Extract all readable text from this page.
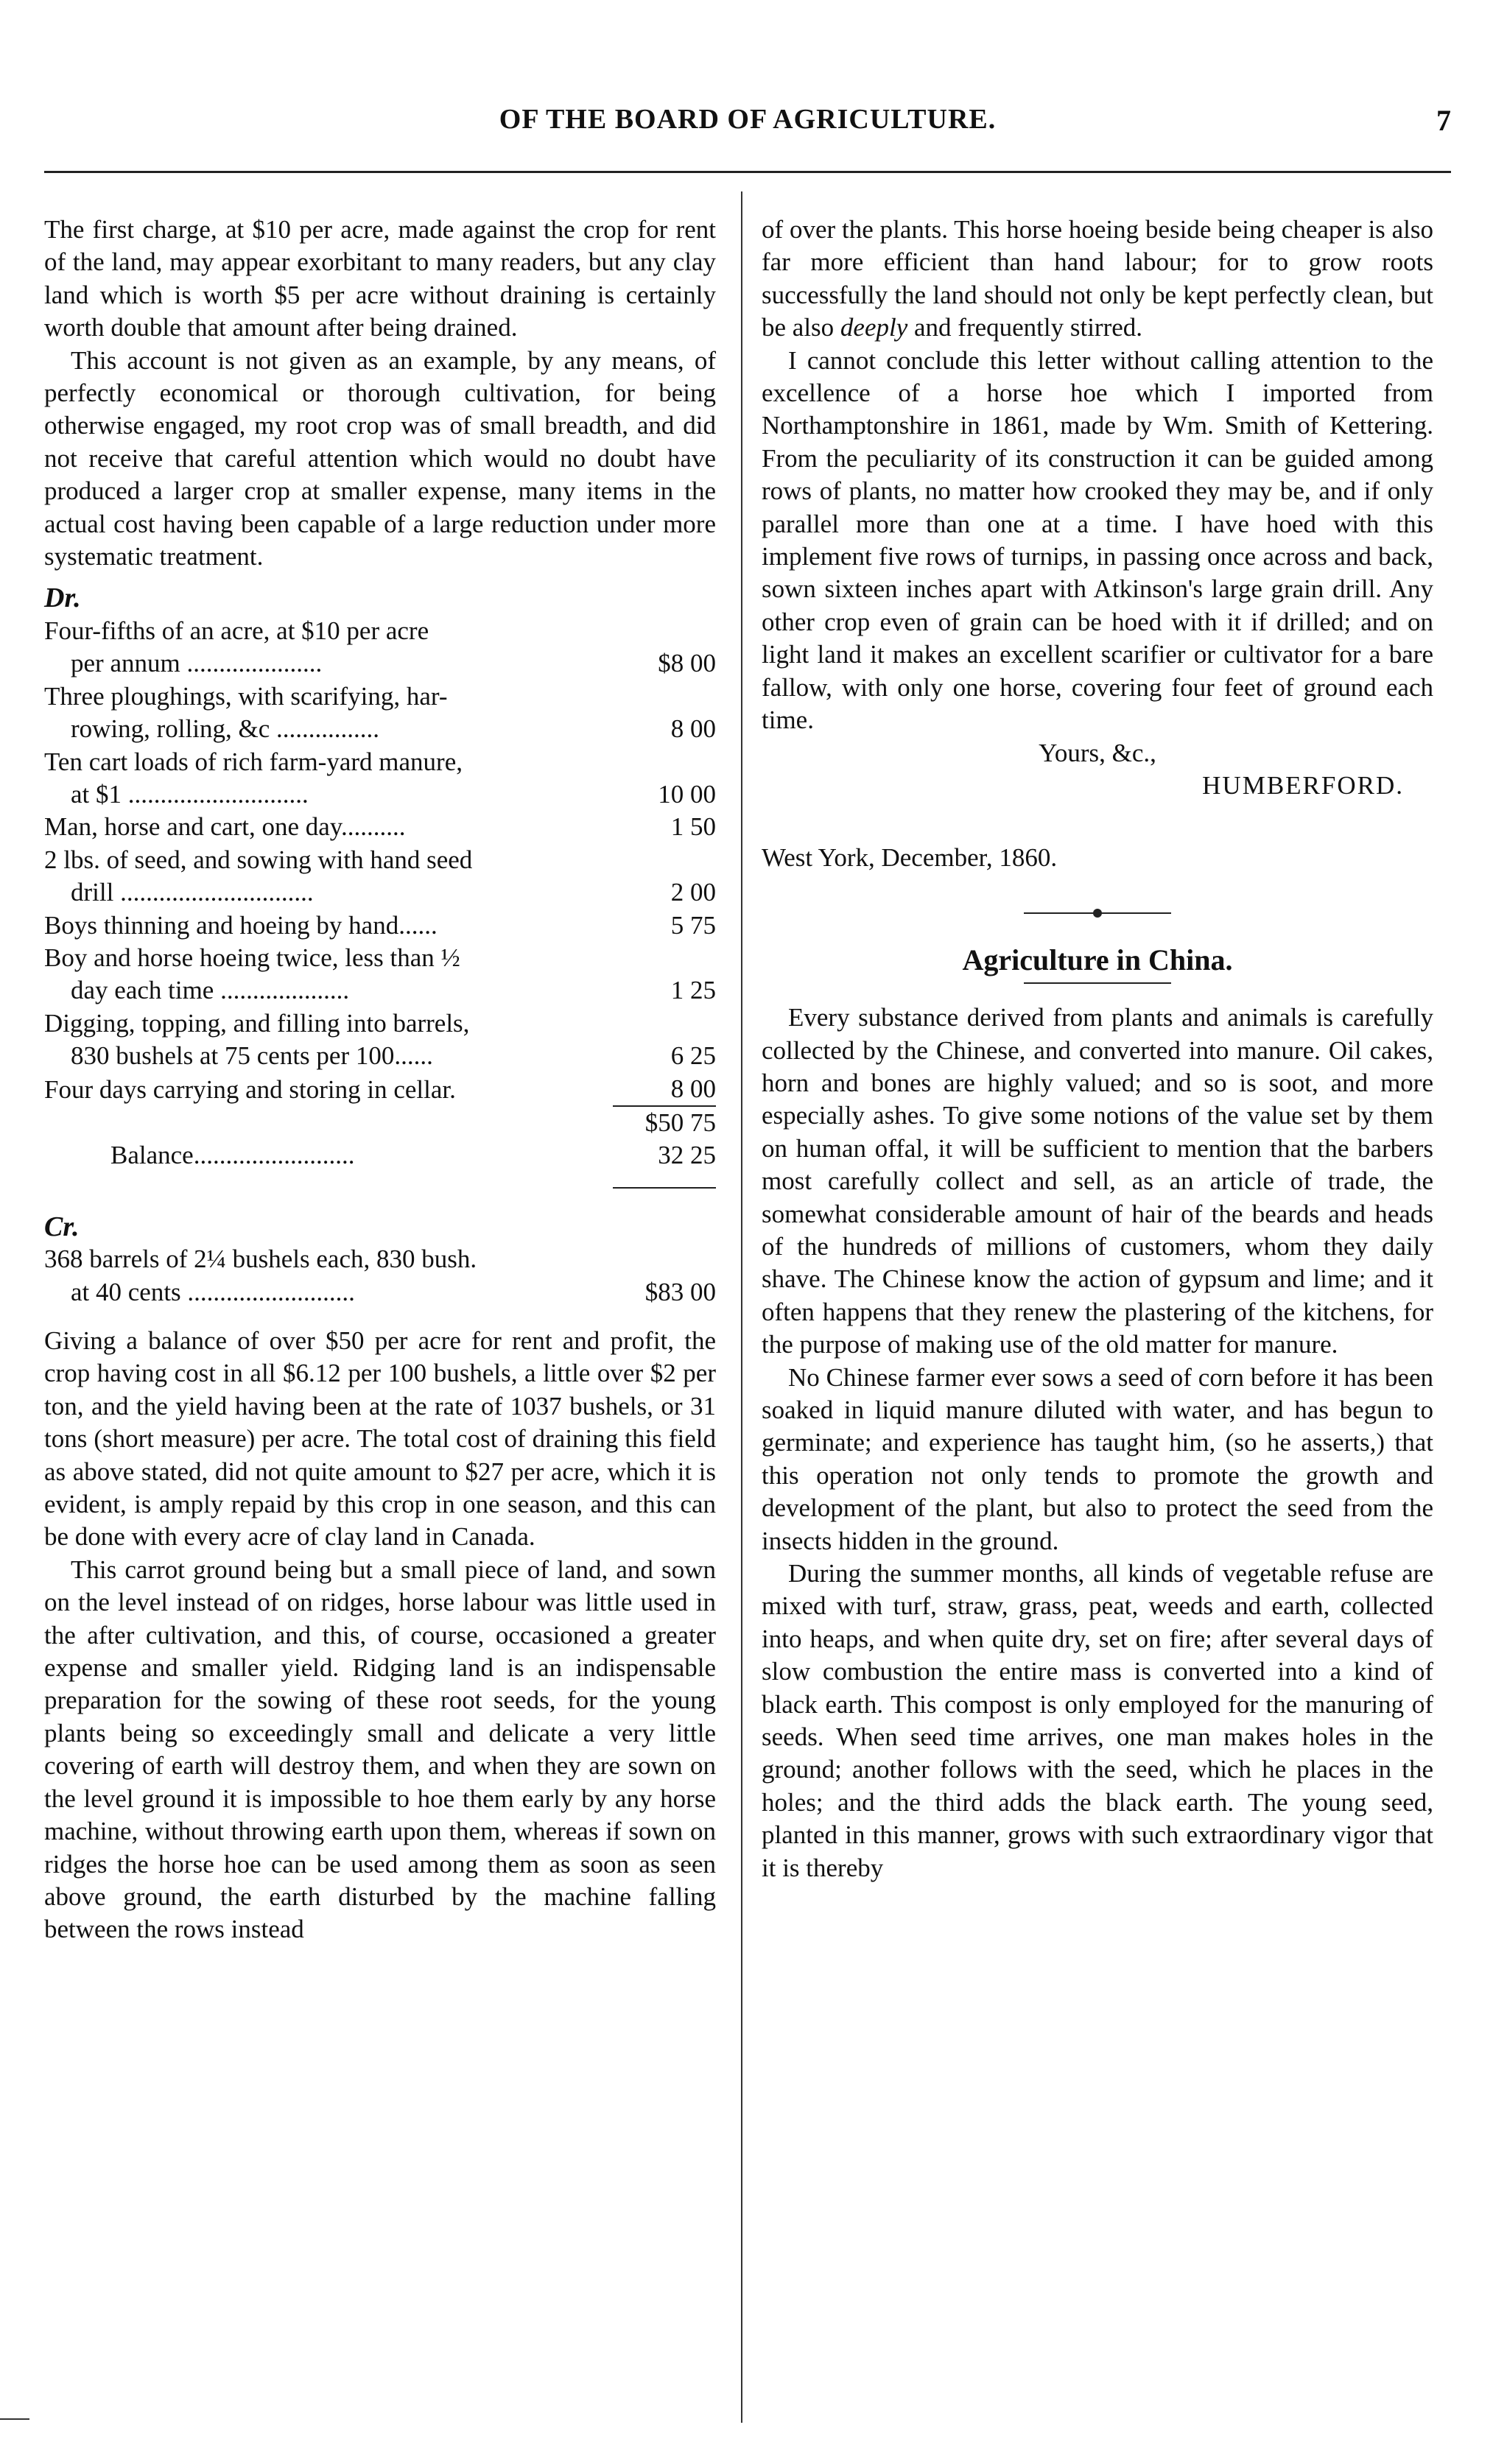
OF THE BOARD OF AGRICULTURE.	7

The first charge, at $10 per acre, made against the crop for rent of the land, may appear exorbitant to many readers, but any clay land which is worth $5 per acre without draining is certainly worth double that amount after being drained.

This account is not given as an example, by any means, of perfectly economical or thorough cultivation, for being otherwise engaged, my root crop was of small breadth, and did not receive that careful attention which would no doubt have produced a larger crop at smaller expense, many items in the actual cost having been capable of a large reduction under more systematic treatment.

Dr.
Four-fifths of an acre, at $10 per acre
per annum .....................	$8 00
Three ploughings, with scarifying, har-
rowing, rolling, &c ................	8 00
Ten cart loads of rich farm-yard manure,
at $1 ............................	10 00
Man, horse and cart, one day..........	1 50
2 lbs. of seed, and sowing with hand seed
drill ..............................	2 00
Boys thinning and hoeing by hand......	5 75
Boy and horse hoeing twice, less than ½
day each time ....................	1 25
Digging, topping, and filling into barrels,
830 bushels at 75 cents per 100......	6 25
Four days carrying and storing in cellar.	8 00
	$50 75
Balance.........................	32 25

Cr.
368 barrels of 2¼ bushels each, 830 bush.
at 40 cents ..........................	$83 00

Giving a balance of over $50 per acre for rent and profit, the crop having cost in all $6.12 per 100 bushels, a little over $2 per ton, and the yield having been at the rate of 1037 bushels, or 31 tons (short measure) per acre. The total cost of draining this field as above stated, did not quite amount to $27 per acre, which it is evident, is amply repaid by this crop in one season, and this can be done with every acre of clay land in Canada.

This carrot ground being but a small piece of land, and sown on the level instead of on ridges, horse labour was little used in the after cultivation, and this, of course, occasioned a greater expense and smaller yield. Ridging land is an indispensable preparation for the sowing of these root seeds, for the young plants being so exceedingly small and delicate a very little covering of earth will destroy them, and when they are sown on the level ground it is impossible to hoe them early by any horse machine, without throwing earth upon them, whereas if sown on ridges the horse hoe can be used among them as soon as seen above ground, the earth disturbed by the machine falling between the rows instead

of over the plants. This horse hoeing beside being cheaper is also far more efficient than hand labour; for to grow roots successfully the land should not only be kept perfectly clean, but be also deeply and frequently stirred.

I cannot conclude this letter without calling attention to the excellence of a horse hoe which I imported from Northamptonshire in 1861, made by Wm. Smith of Kettering. From the peculiarity of its construction it can be guided among rows of plants, no matter how crooked they may be, and if only parallel more than one at a time. I have hoed with this implement five rows of turnips, in passing once across and back, sown sixteen inches apart with Atkinson's large grain drill. Any other crop even of grain can be hoed with it if drilled; and on light land it makes an excellent scarifier or cultivator for a bare fallow, with only one horse, covering four feet of ground each time.

Yours, &c.,
HUMBERFORD.
West York, December, 1860.
Agriculture in China.

Every substance derived from plants and animals is carefully collected by the Chinese, and converted into manure. Oil cakes, horn and bones are highly valued; and so is soot, and more especially ashes. To give some notions of the value set by them on human offal, it will be sufficient to mention that the barbers most carefully collect and sell, as an article of trade, the somewhat considerable amount of hair of the beards and heads of the hundreds of millions of customers, whom they daily shave. The Chinese know the action of gypsum and lime; and it often happens that they renew the plastering of the kitchens, for the purpose of making use of the old matter for manure.

No Chinese farmer ever sows a seed of corn before it has been soaked in liquid manure diluted with water, and has begun to germinate; and experience has taught him, (so he asserts,) that this operation not only tends to promote the growth and development of the plant, but also to protect the seed from the insects hidden in the ground.

During the summer months, all kinds of vegetable refuse are mixed with turf, straw, grass, peat, weeds and earth, collected into heaps, and when quite dry, set on fire; after several days of slow combustion the entire mass is converted into a kind of black earth. This compost is only employed for the manuring of seeds. When seed time arrives, one man makes holes in the ground; another follows with the seed, which he places in the holes; and the third adds the black earth. The young seed, planted in this manner, grows with such extraordinary vigor that it is thereby
